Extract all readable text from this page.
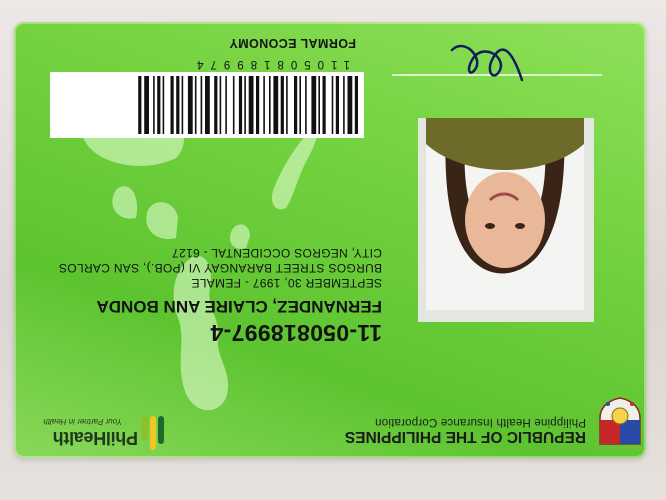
REPUBLIC OF THE PHILIPPINES
Philippine Health Insurance Corporation
PhilHealth
Your Partner in Health
11-050818997-4
FERNANDEZ, CLAIRE ANN BONDA
SEPTEMBER 30, 1997 - FEMALE
BURGOS STREET BARANGAY VI (POB.), SAN CARLOS
CITY, NEGROS OCCIDENTAL - 6127
110508189974
FORMAL ECONOMY
